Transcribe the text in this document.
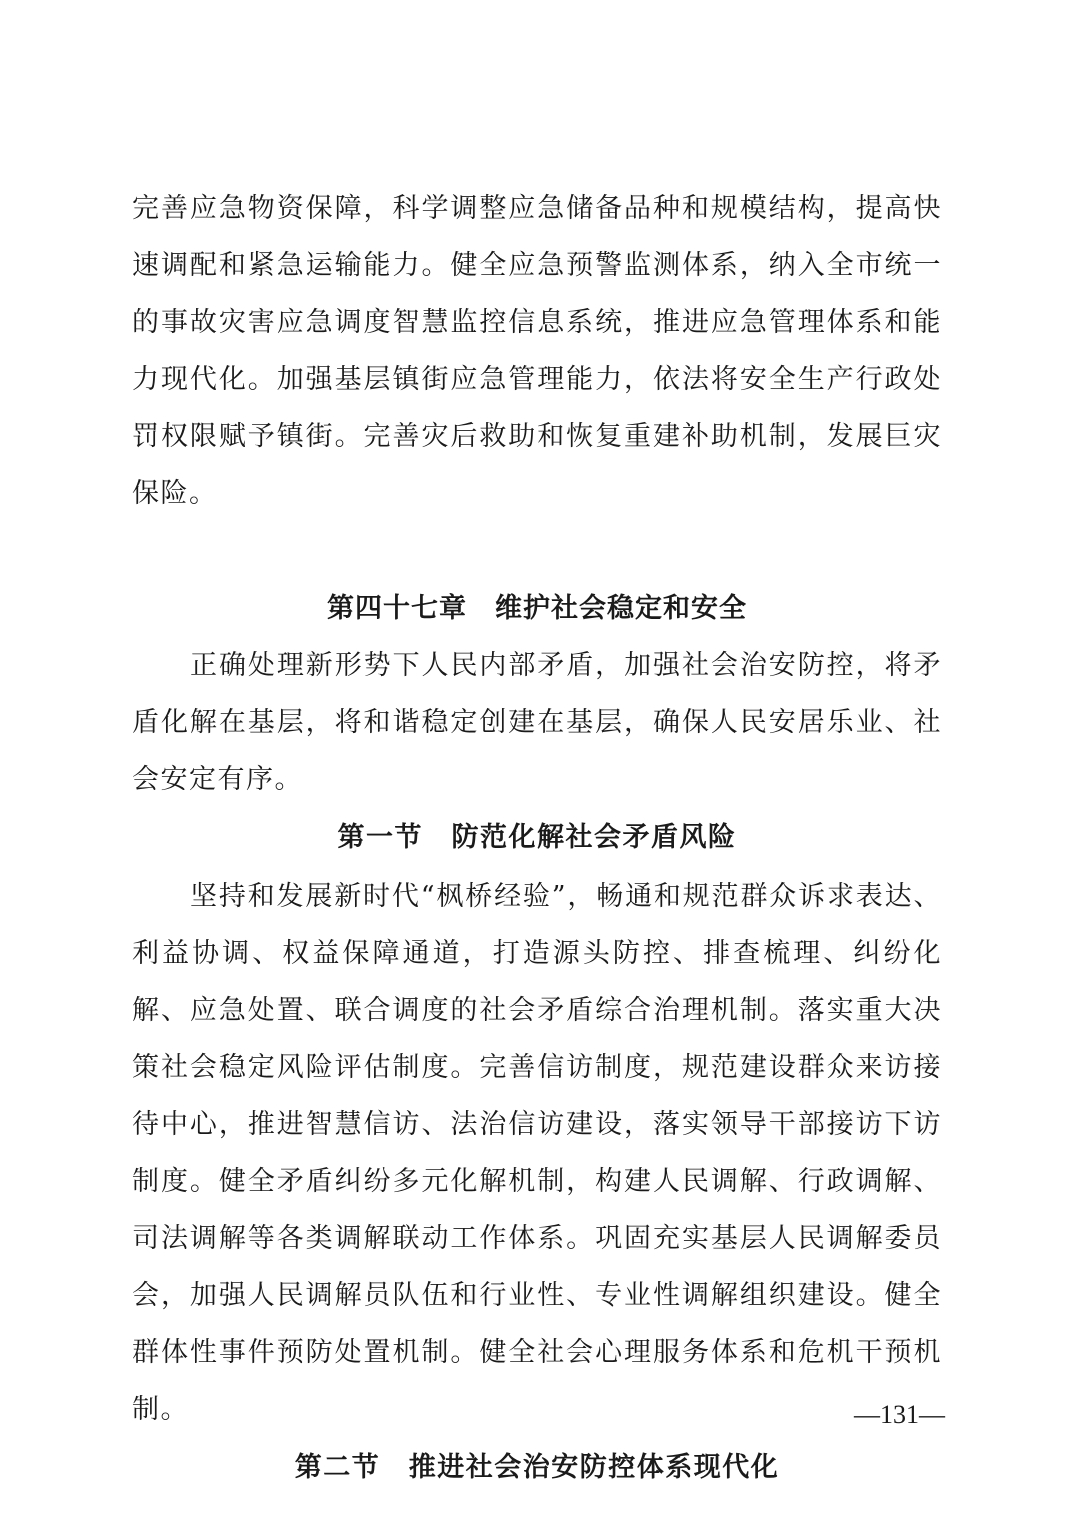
完善应急物资保障，科学调整应急储备品种和规模结构，提高快速调配和紧急运输能力。健全应急预警监测体系，纳入全市统一的事故灾害应急调度智慧监控信息系统，推进应急管理体系和能力现代化。加强基层镇街应急管理能力，依法将安全生产行政处罚权限赋予镇街。完善灾后救助和恢复重建补助机制，发展巨灾保险。

第四十七章　维护社会稳定和安全

正确处理新形势下人民内部矛盾，加强社会治安防控，将矛盾化解在基层，将和谐稳定创建在基层，确保人民安居乐业、社会安定有序。

第一节　防范化解社会矛盾风险

坚持和发展新时代“枫桥经验”，畅通和规范群众诉求表达、利益协调、权益保障通道，打造源头防控、排查梳理、纠纷化解、应急处置、联合调度的社会矛盾综合治理机制。落实重大决策社会稳定风险评估制度。完善信访制度，规范建设群众来访接待中心，推进智慧信访、法治信访建设，落实领导干部接访下访制度。健全矛盾纠纷多元化解机制，构建人民调解、行政调解、司法调解等各类调解联动工作体系。巩固充实基层人民调解委员会，加强人民调解员队伍和行业性、专业性调解组织建设。健全群体性事件预防处置机制。健全社会心理服务体系和危机干预机制。

第二节　推进社会治安防控体系现代化
—131—
